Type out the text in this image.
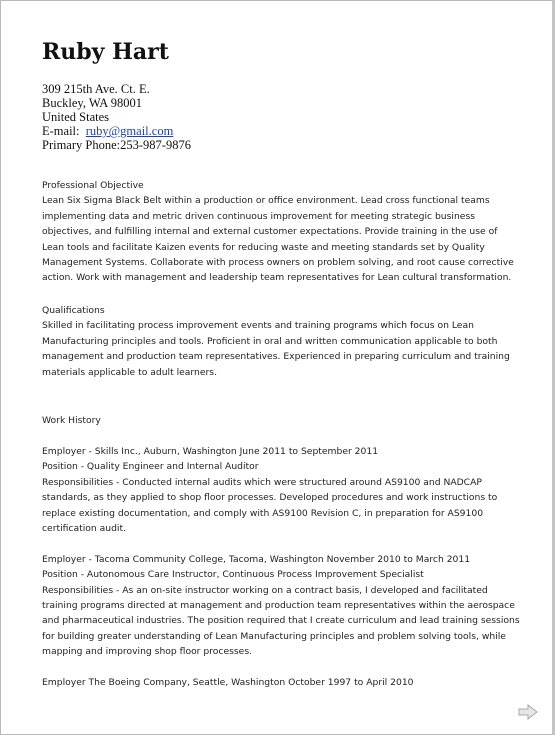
Ruby Hart
309 215th Ave. Ct. E.
Buckley, WA 98001
United States
E-mail: ruby@gmail.com
Primary Phone:253-987-9876

Professional Objective

Lean Six Sigma Black Belt within a production or office environment. Lead cross functional teams implementing data and metric driven continuous improvement for meeting strategic business objectives, and fulfilling internal and external customer expectations. Provide training in the use of Lean tools and facilitate Kaizen events for reducing waste and meeting standards set by Quality Management Systems. Collaborate with process owners on problem solving, and root cause corrective action. Work with management and leadership team representatives for Lean cultural transformation.

Qualifications

Skilled in facilitating process improvement events and training programs which focus on Lean Manufacturing principles and tools. Proficient in oral and written communication applicable to both management and production team representatives. Experienced in preparing curriculum and training materials applicable to adult learners.

Work History

Employer - Skills Inc., Auburn, Washington June 2011 to September 2011

Position - Quality Engineer and Internal Auditor

Responsibilities - Conducted internal audits which were structured around AS9100 and NADCAP standards, as they applied to shop floor processes. Developed procedures and work instructions to replace existing documentation, and comply with AS9100 Revision C, in preparation for AS9100 certification audit.

Employer - Tacoma Community College, Tacoma, Washington November 2010 to March 2011

Position - Autonomous Care Instructor, Continuous Process Improvement Specialist

Responsibilities - As an on-site instructor working on a contract basis, I developed and facilitated training programs directed at management and production team representatives within the aerospace and pharmaceutical industries. The position required that I create curriculum and lead training sessions for building greater understanding of Lean Manufacturing principles and problem solving tools, while mapping and improving shop floor processes.

Employer The Boeing Company, Seattle, Washington October 1997 to April 2010
